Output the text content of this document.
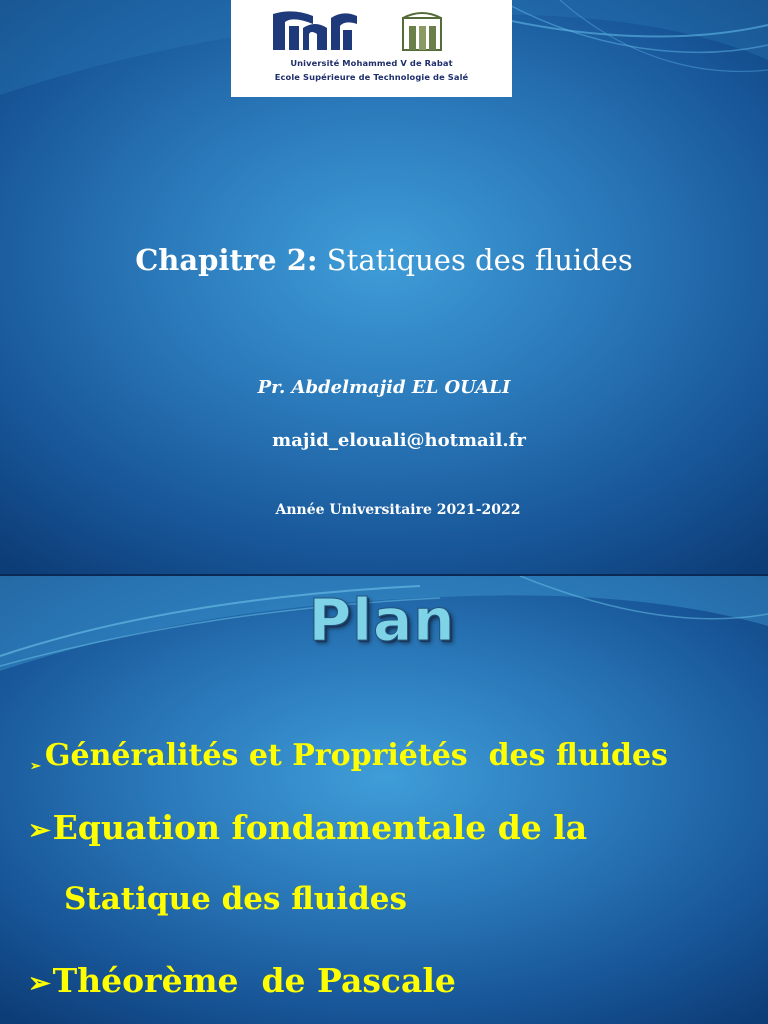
Université Mohammed V de Rabat
Ecole Supérieure de Technologie de Salé
Chapitre 2: Statiques des fluides
Pr. Abdelmajid EL OUALI
majid_elouali@hotmail.fr
Année Universitaire 2021-2022
Plan
➢ Généralités et Propriétés  des fluides
➢Equation fondamentale de la
Statique des fluides
➢Théorème  de Pascale
